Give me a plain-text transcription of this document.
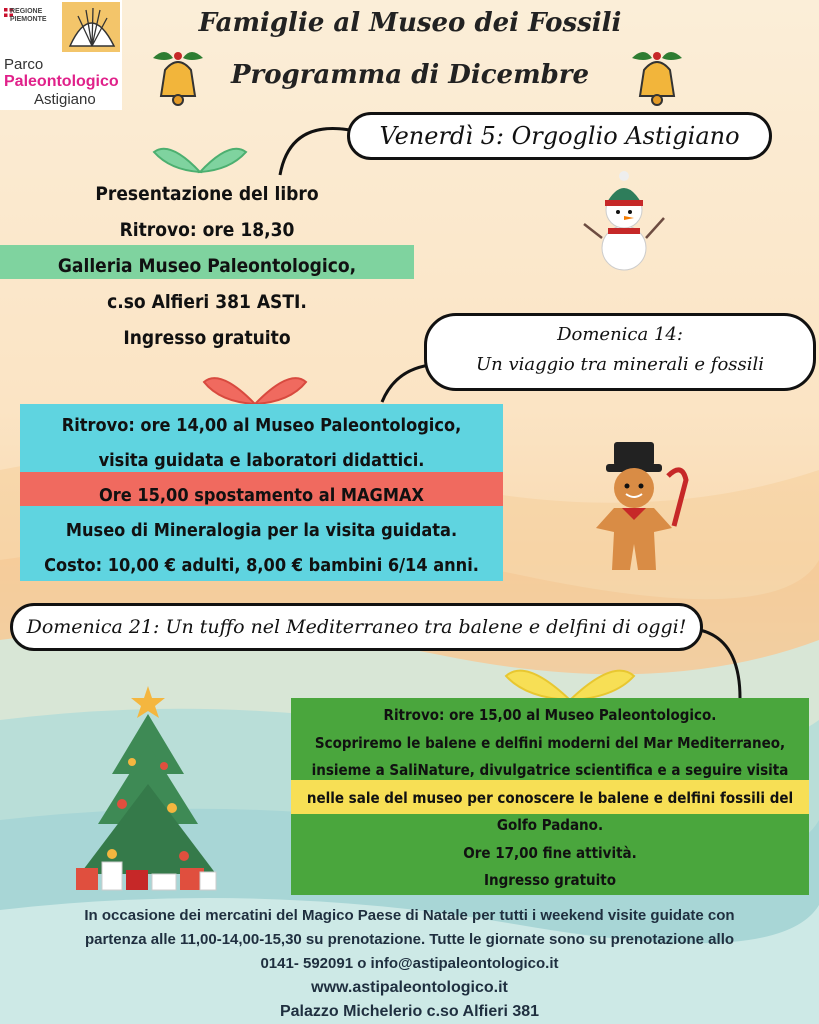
REGIONE PIEMONTE
Parco
Paleontologico
Astigiano
Famiglie al Museo dei Fossili
Programma di Dicembre
Venerdì 5: Orgoglio Astigiano
Presentazione del libro
Ritrovo: ore 18,30
Galleria Museo Paleontologico,
c.so Alfieri 381 ASTI.
Ingresso gratuito	Domenica 14:
Un viaggio tra minerali e fossili
Ritrovo: ore 14,00 al Museo Paleontologico,
visita guidata e laboratori didattici.
Ore 15,00 spostamento al MAGMAX
Museo di Mineralogia per la visita guidata.
Costo: 10,00 € adulti, 8,00 € bambini 6/14 anni.
Domenica 21: Un tuffo nel Mediterraneo tra balene e delfini di oggi!
Ritrovo: ore 15,00 al Museo Paleontologico.
Scopriremo le balene e delfini moderni del Mar Mediterraneo,
insieme a SaliNature, divulgatrice scientifica e a seguire visita
nelle sale del museo per conoscere le balene e delfini fossili del
Golfo Padano.
Ore 17,00 fine attività.
Ingresso gratuito
In occasione dei mercatini del Magico Paese di Natale per tutti i weekend visite guidate con
partenza alle 11,00-14,00-15,30 su prenotazione. Tutte le giornate sono su prenotazione allo
0141- 592091 o info@astipaleontologico.it
www.astipaleontologico.it
Palazzo Michelerio c.so Alfieri 381
